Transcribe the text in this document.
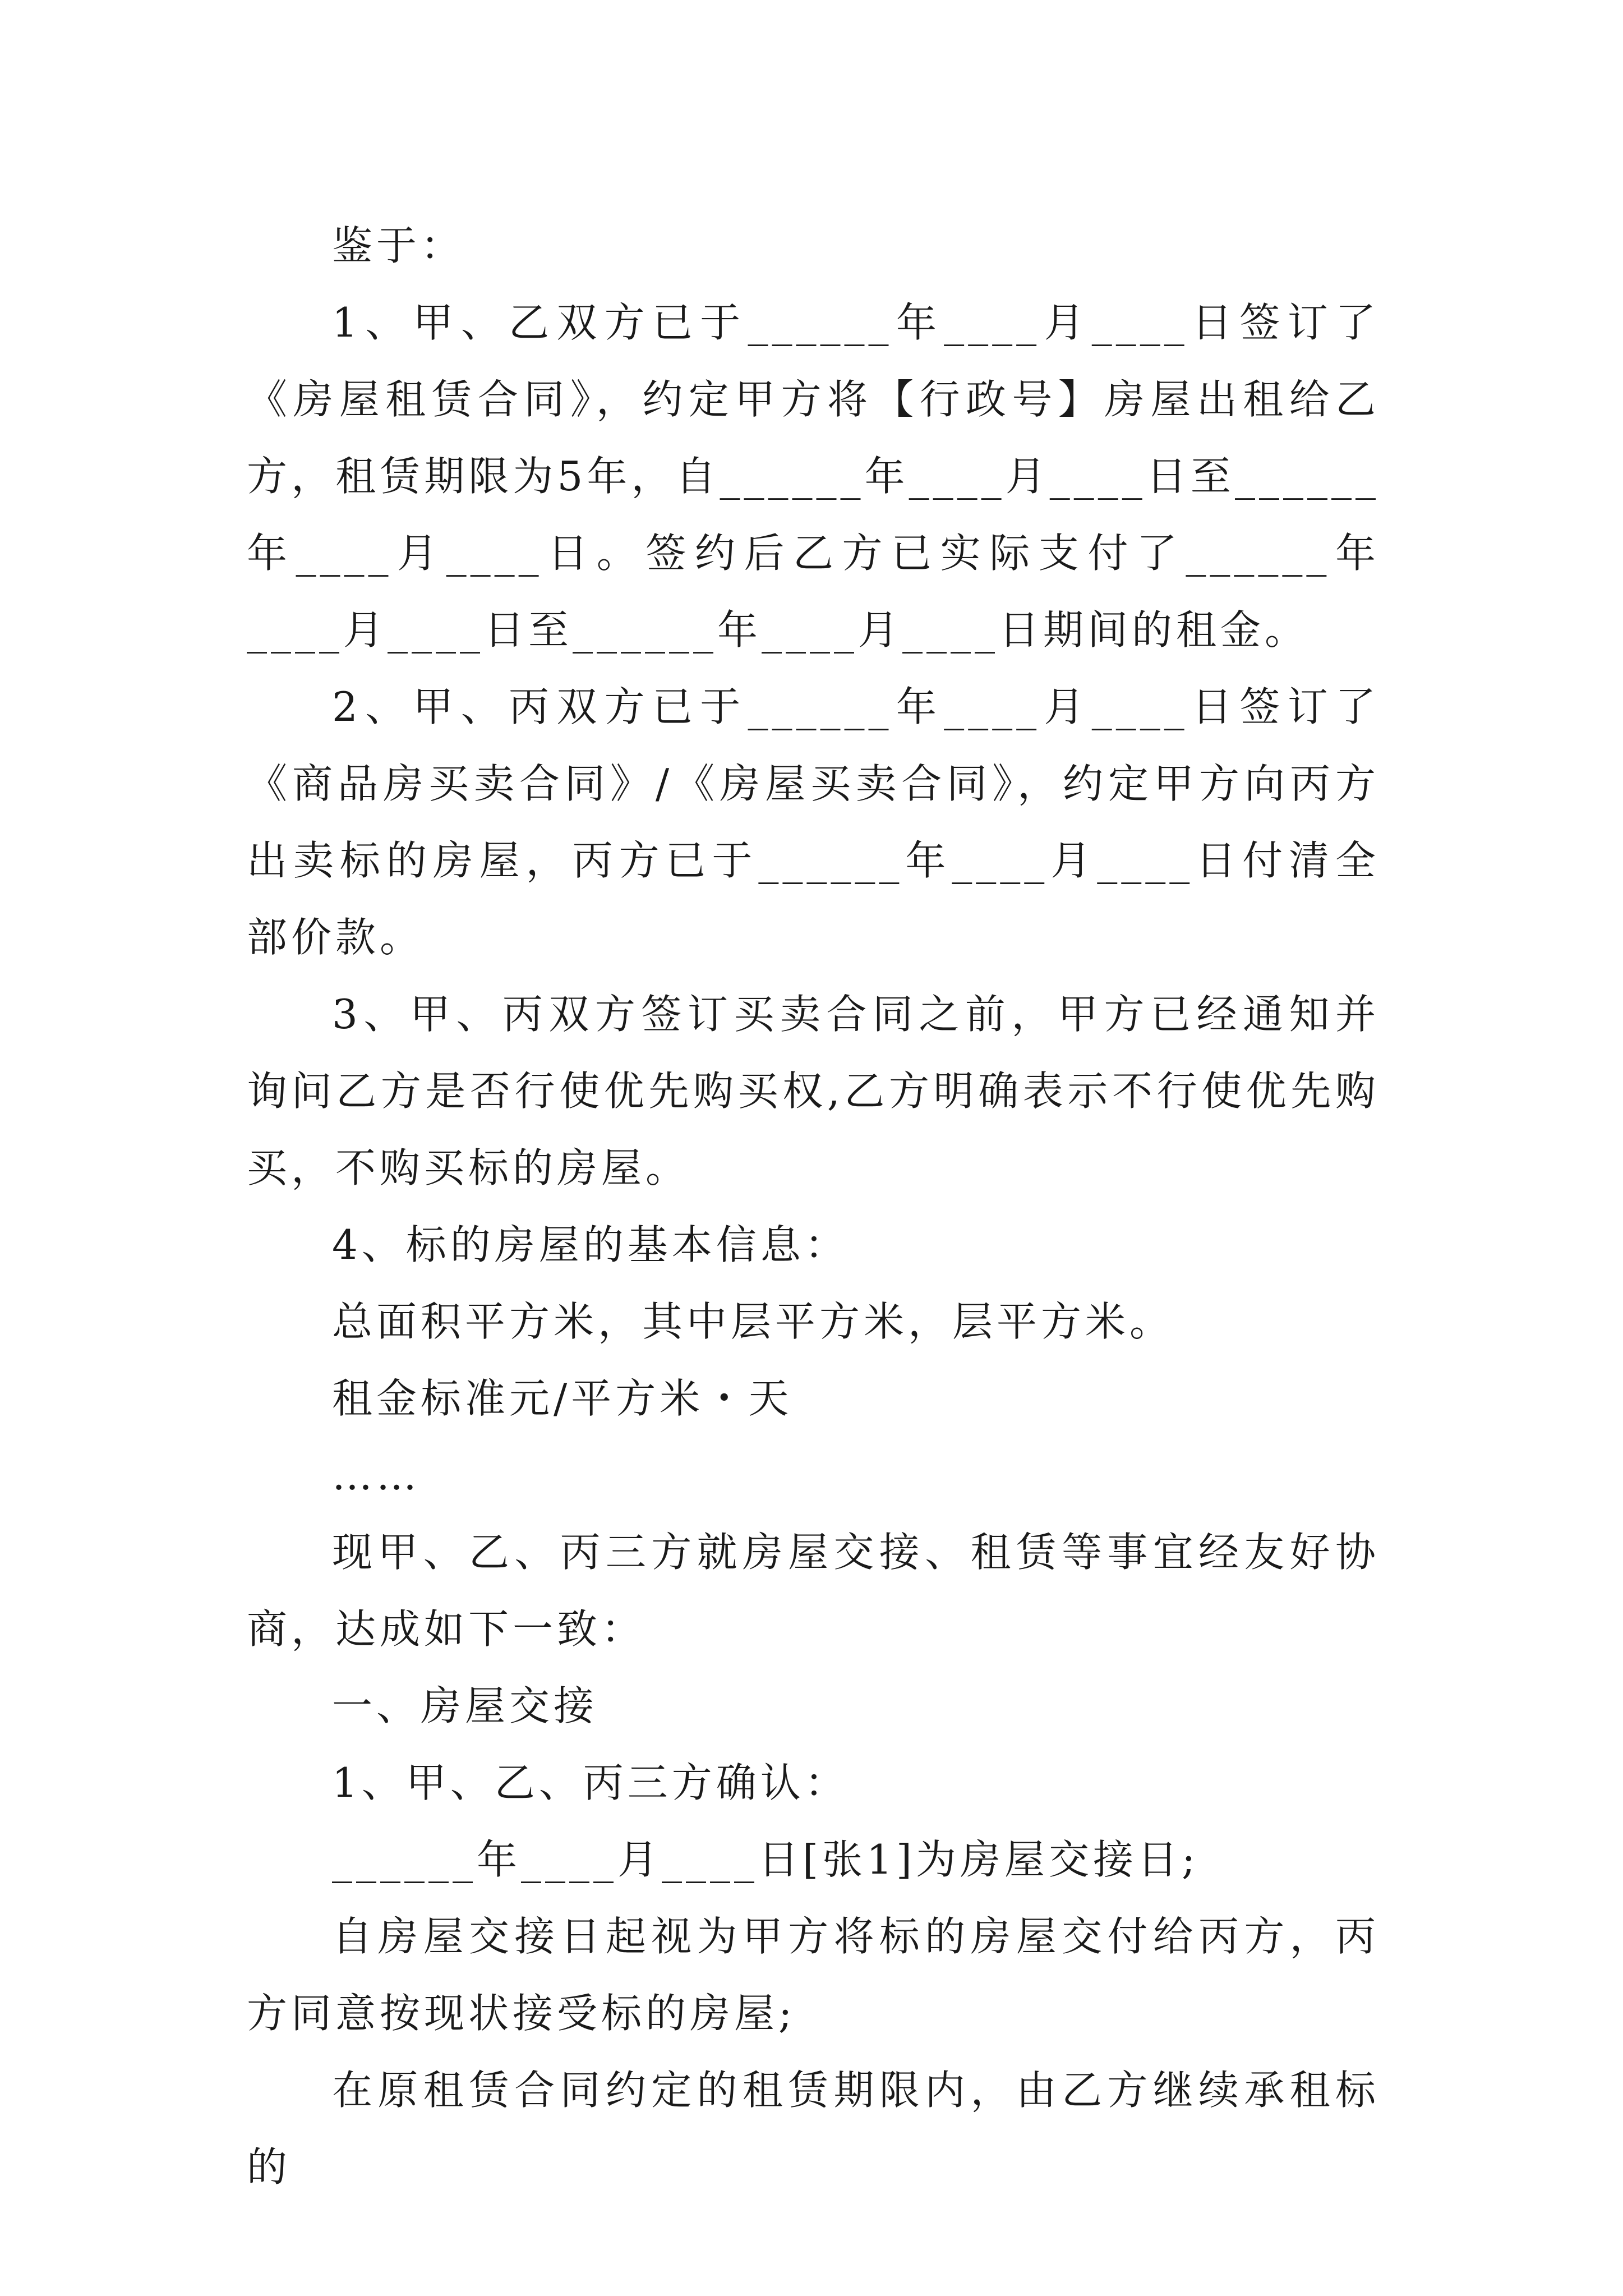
鉴于：

1、甲、乙双方已于______年____月____日签订了《房屋租赁合同》，约定甲方将【行政号】房屋出租给乙方，租赁期限为5年，自______年____月____日至______年____月____日。签约后乙方已实际支付了______年____月____日至______年____月____日期间的租金。

2、甲、丙双方已于______年____月____日签订了《商品房买卖合同》/《房屋买卖合同》，约定甲方向丙方出卖标的房屋，丙方已于______年____月____日付清全部价款。

3、甲、丙双方签订买卖合同之前，甲方已经通知并询问乙方是否行使优先购买权,乙方明确表示不行使优先购买，不购买标的房屋。

4、标的房屋的基本信息：

总面积平方米，其中层平方米，层平方米。

租金标准元/平方米・天

……

现甲、乙、丙三方就房屋交接、租赁等事宜经友好协商，达成如下一致：

一、房屋交接

1、甲、乙、丙三方确认：

______年____月____日[张1]为房屋交接日;

自房屋交接日起视为甲方将标的房屋交付给丙方，丙方同意按现状接受标的房屋;

在原租赁合同约定的租赁期限内，由乙方继续承租标的
